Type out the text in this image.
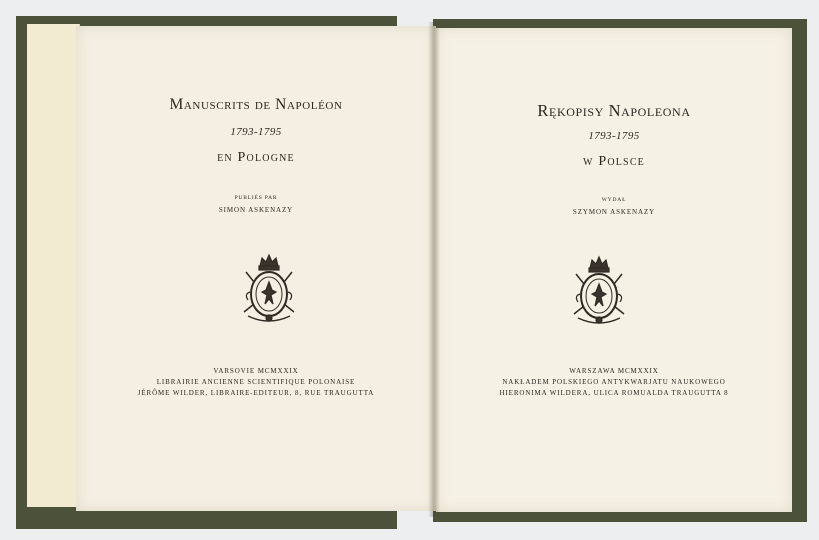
Manuscrits de Napoléon
1793-1795
en Pologne
PUBLIÉS PAR
SIMON ASKENAZY
VARSOVIE MCMXXIX
LIBRAIRIE ANCIENNE SCIENTIFIQUE POLONAISE
JÉRÔME WILDER, LIBRAIRE-EDITEUR, 8, RUE TRAUGUTTA
Rękopisy Napoleona
1793-1795
w Polsce
WYDAŁ
SZYMON ASKENAZY
WARSZAWA MCMXXIX
NAKŁADEM POLSKIEGO ANTYKWARJATU NAUKOWEGO
HIERONIMA WILDERA, ULICA ROMUALDA TRAUGUTTA 8
